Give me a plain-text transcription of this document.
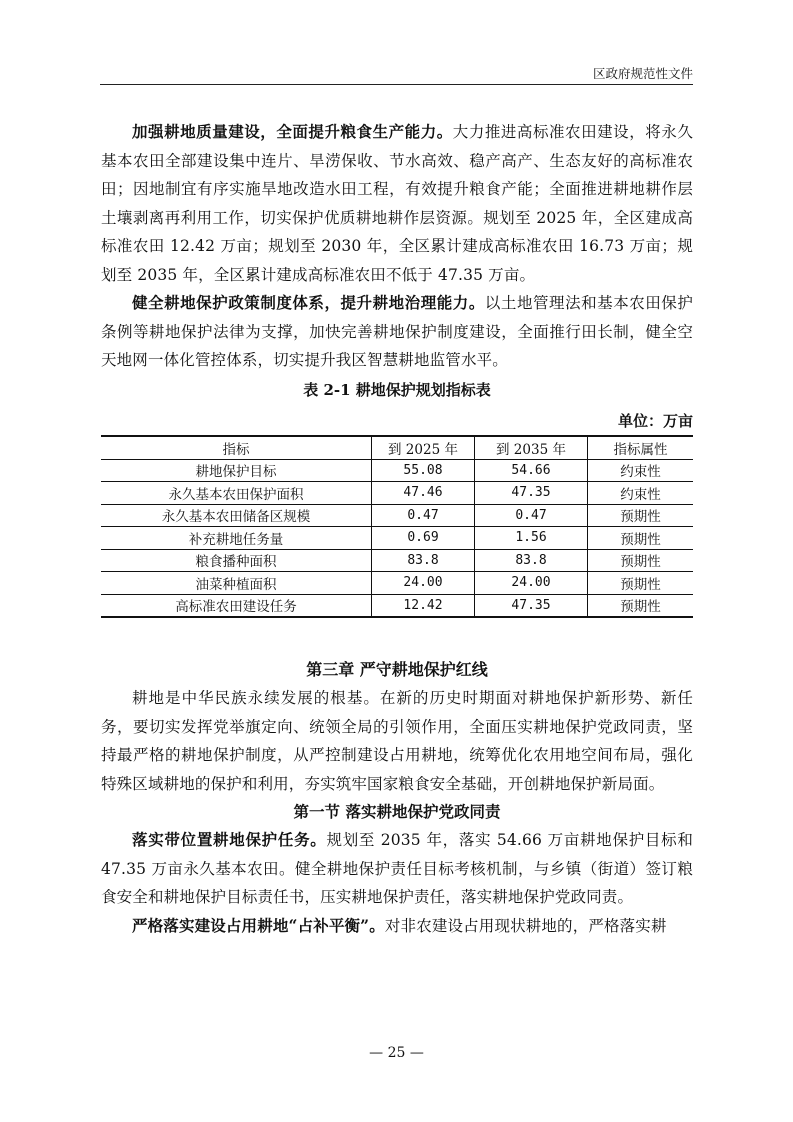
区政府规范性文件

加强耕地质量建设，全面提升粮食生产能力。大力推进高标准农田建设，将永久基本农田全部建设集中连片、旱涝保收、节水高效、稳产高产、生态友好的高标准农田；因地制宜有序实施旱地改造水田工程，有效提升粮食产能；全面推进耕地耕作层土壤剥离再利用工作，切实保护优质耕地耕作层资源。规划至 2025 年，全区建成高标准农田 12.42 万亩；规划至 2030 年，全区累计建成高标准农田 16.73 万亩；规划至 2035 年，全区累计建成高标准农田不低于 47.35 万亩。

健全耕地保护政策制度体系，提升耕地治理能力。以土地管理法和基本农田保护条例等耕地保护法律为支撑，加快完善耕地保护制度建设，全面推行田长制，健全空天地网一体化管控体系，切实提升我区智慧耕地监管水平。

表 2-1 耕地保护规划指标表
单位：万亩
指标	到 2025 年	到 2035 年	指标属性
耕地保护目标	55.08	54.66	约束性
永久基本农田保护面积	47.46	47.35	约束性
永久基本农田储备区规模	0.47	0.47	预期性
补充耕地任务量	0.69	1.56	预期性
粮食播种面积	83.8	83.8	预期性
油菜种植面积	24.00	24.00	预期性
高标准农田建设任务	12.42	47.35	预期性
第三章 严守耕地保护红线

耕地是中华民族永续发展的根基。在新的历史时期面对耕地保护新形势、新任务，要切实发挥党举旗定向、统领全局的引领作用，全面压实耕地保护党政同责，坚持最严格的耕地保护制度，从严控制建设占用耕地，统筹优化农用地空间布局，强化特殊区域耕地的保护和利用，夯实筑牢国家粮食安全基础，开创耕地保护新局面。

第一节 落实耕地保护党政同责

落实带位置耕地保护任务。规划至 2035 年，落实 54.66 万亩耕地保护目标和 47.35 万亩永久基本农田。健全耕地保护责任目标考核机制，与乡镇（街道）签订粮食安全和耕地保护目标责任书，压实耕地保护责任，落实耕地保护党政同责。

严格落实建设占用耕地“占补平衡”。对非农建设占用现状耕地的，严格落实耕

— 25 —
